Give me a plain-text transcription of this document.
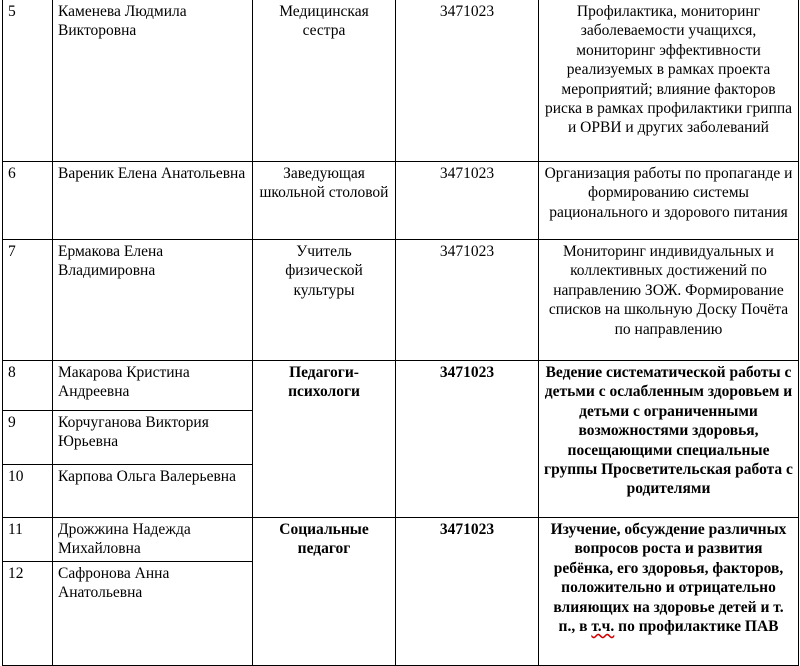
5	Каменева Людмила Викторовна	Медицинская сестра	3471023	Профилактика, мониторинг заболеваемости учащихся, мониторинг эффективности реализуемых в рамках проекта мероприятий; влияние факторов риска в рамках профилактики гриппа и ОРВИ и других заболеваний
6	Вареник Елена Анатольевна	Заведующая школьной столовой	3471023	Организация работы по пропаганде и формированию системы рационального и здорового питания
7	Ермакова Елена Владимировна	Учитель физической культуры	3471023	Мониторинг индивидуальных и коллективных достижений по направлению ЗОЖ. Формирование списков на школьную Доску Почёта по направлению
8	Макарова Кристина Андреевна	Педагоги-психологи	3471023	Ведение систематической работы с детьми с ослабленным здоровьем и детьми с ограниченными возможностями здоровья, посещающими специальные группы Просветительская работа с родителями
9	Корчуганова Виктория Юрьевна			
10	Карпова Ольга Валерьевна			
11	Дрожжина Надежда Михайловна	Социальные педагог	3471023	Изучение, обсуждение различных вопросов роста и развития ребёнка, его здоровья, факторов, положительно и отрицательно влияющих на здоровье детей и т. п., в т.ч. по профилактике ПАВ
12	Сафронова Анна Анатольевна			
